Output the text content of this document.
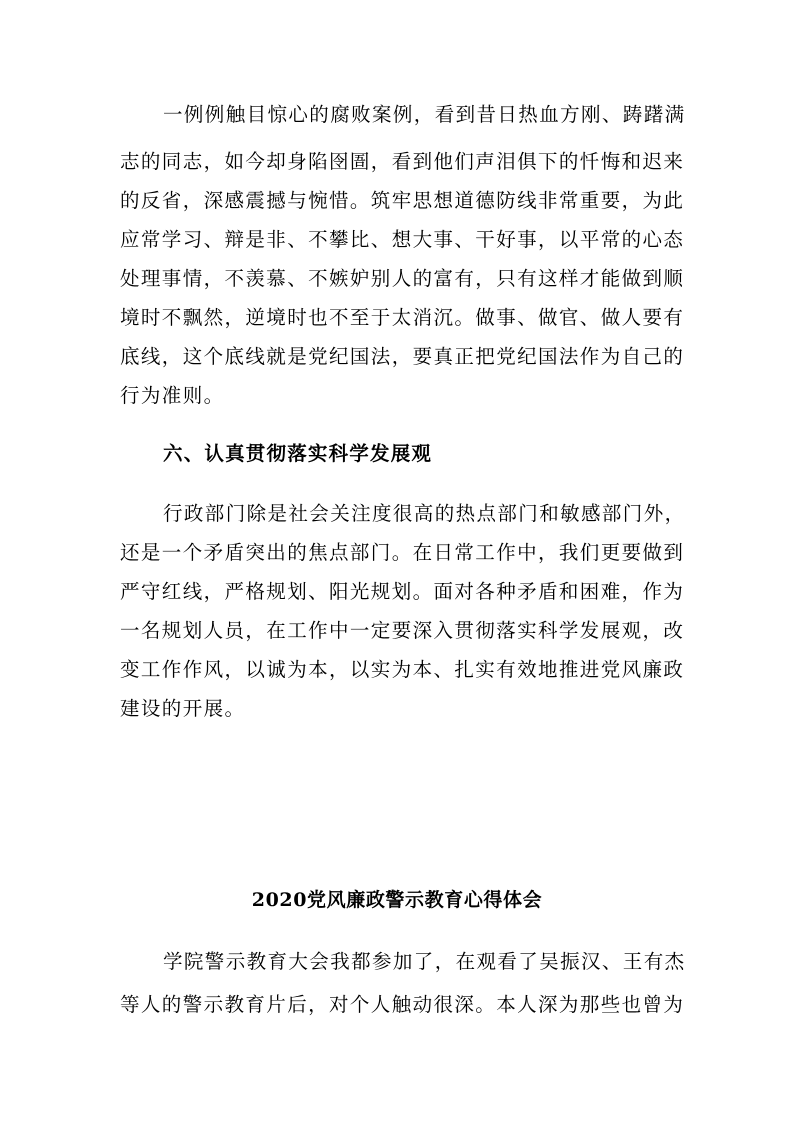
一例例触目惊心的腐败案例，看到昔日热血方刚、踌躇满
志的同志，如今却身陷囹圄，看到他们声泪俱下的忏悔和迟来
的反省，深感震撼与惋惜。筑牢思想道德防线非常重要，为此
应常学习、辩是非、不攀比、想大事、干好事，以平常的心态
处理事情，不羡慕、不嫉妒别人的富有，只有这样才能做到顺
境时不飘然，逆境时也不至于太消沉。做事、做官、做人要有
底线，这个底线就是党纪国法，要真正把党纪国法作为自己的
行为准则。
六、认真贯彻落实科学发展观
行政部门除是社会关注度很高的热点部门和敏感部门外，
还是一个矛盾突出的焦点部门。在日常工作中，我们更要做到
严守红线，严格规划、阳光规划。面对各种矛盾和困难，作为
一名规划人员，在工作中一定要深入贯彻落实科学发展观，改
变工作作风，以诚为本，以实为本、扎实有效地推进党风廉政
建设的开展。
2020党风廉政警示教育心得体会
学院警示教育大会我都参加了，在观看了吴振汉、王有杰
等人的警示教育片后，对个人触动很深。本人深为那些也曾为
